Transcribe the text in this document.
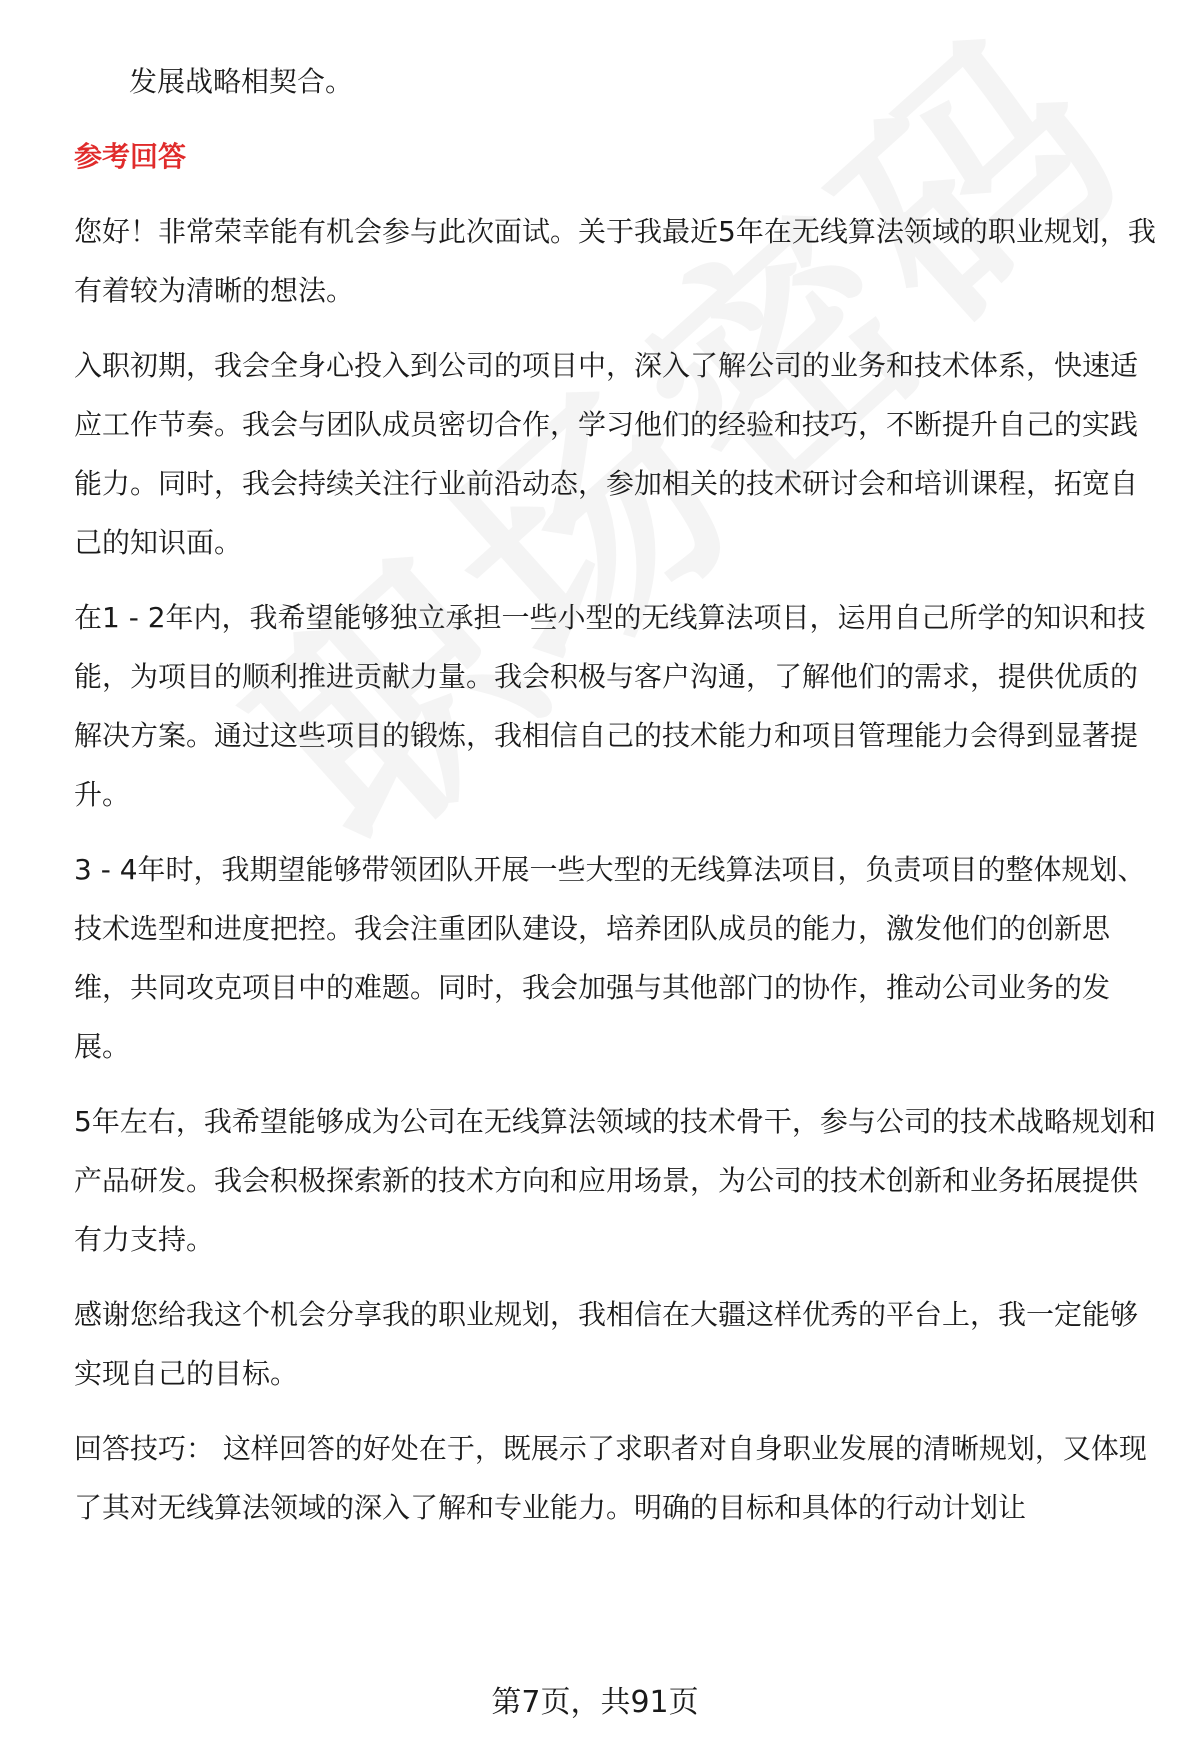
发展战略相契合。

参考回答

您好！非常荣幸能有机会参与此次面试。关于我最近5年在无线算法领域的职业规划，我有着较为清晰的想法。

入职初期，我会全身心投入到公司的项目中，深入了解公司的业务和技术体系，快速适应工作节奏。我会与团队成员密切合作，学习他们的经验和技巧，不断提升自己的实践能力。同时，我会持续关注行业前沿动态，参加相关的技术研讨会和培训课程，拓宽自己的知识面。

在1 - 2年内，我希望能够独立承担一些小型的无线算法项目，运用自己所学的知识和技能，为项目的顺利推进贡献力量。我会积极与客户沟通，了解他们的需求，提供优质的解决方案。通过这些项目的锻炼，我相信自己的技术能力和项目管理能力会得到显著提升。

3 - 4年时，我期望能够带领团队开展一些大型的无线算法项目，负责项目的整体规划、技术选型和进度把控。我会注重团队建设，培养团队成员的能力，激发他们的创新思维，共同攻克项目中的难题。同时，我会加强与其他部门的协作，推动公司业务的发展。

5年左右，我希望能够成为公司在无线算法领域的技术骨干，参与公司的技术战略规划和产品研发。我会积极探索新的技术方向和应用场景，为公司的技术创新和业务拓展提供有力支持。

感谢您给我这个机会分享我的职业规划，我相信在大疆这样优秀的平台上，我一定能够实现自己的目标。

回答技巧： 这样回答的好处在于，既展示了求职者对自身职业发展的清晰规划，又体现了其对无线算法领域的深入了解和专业能力。明确的目标和具体的行动计划让

第7页，共91页
